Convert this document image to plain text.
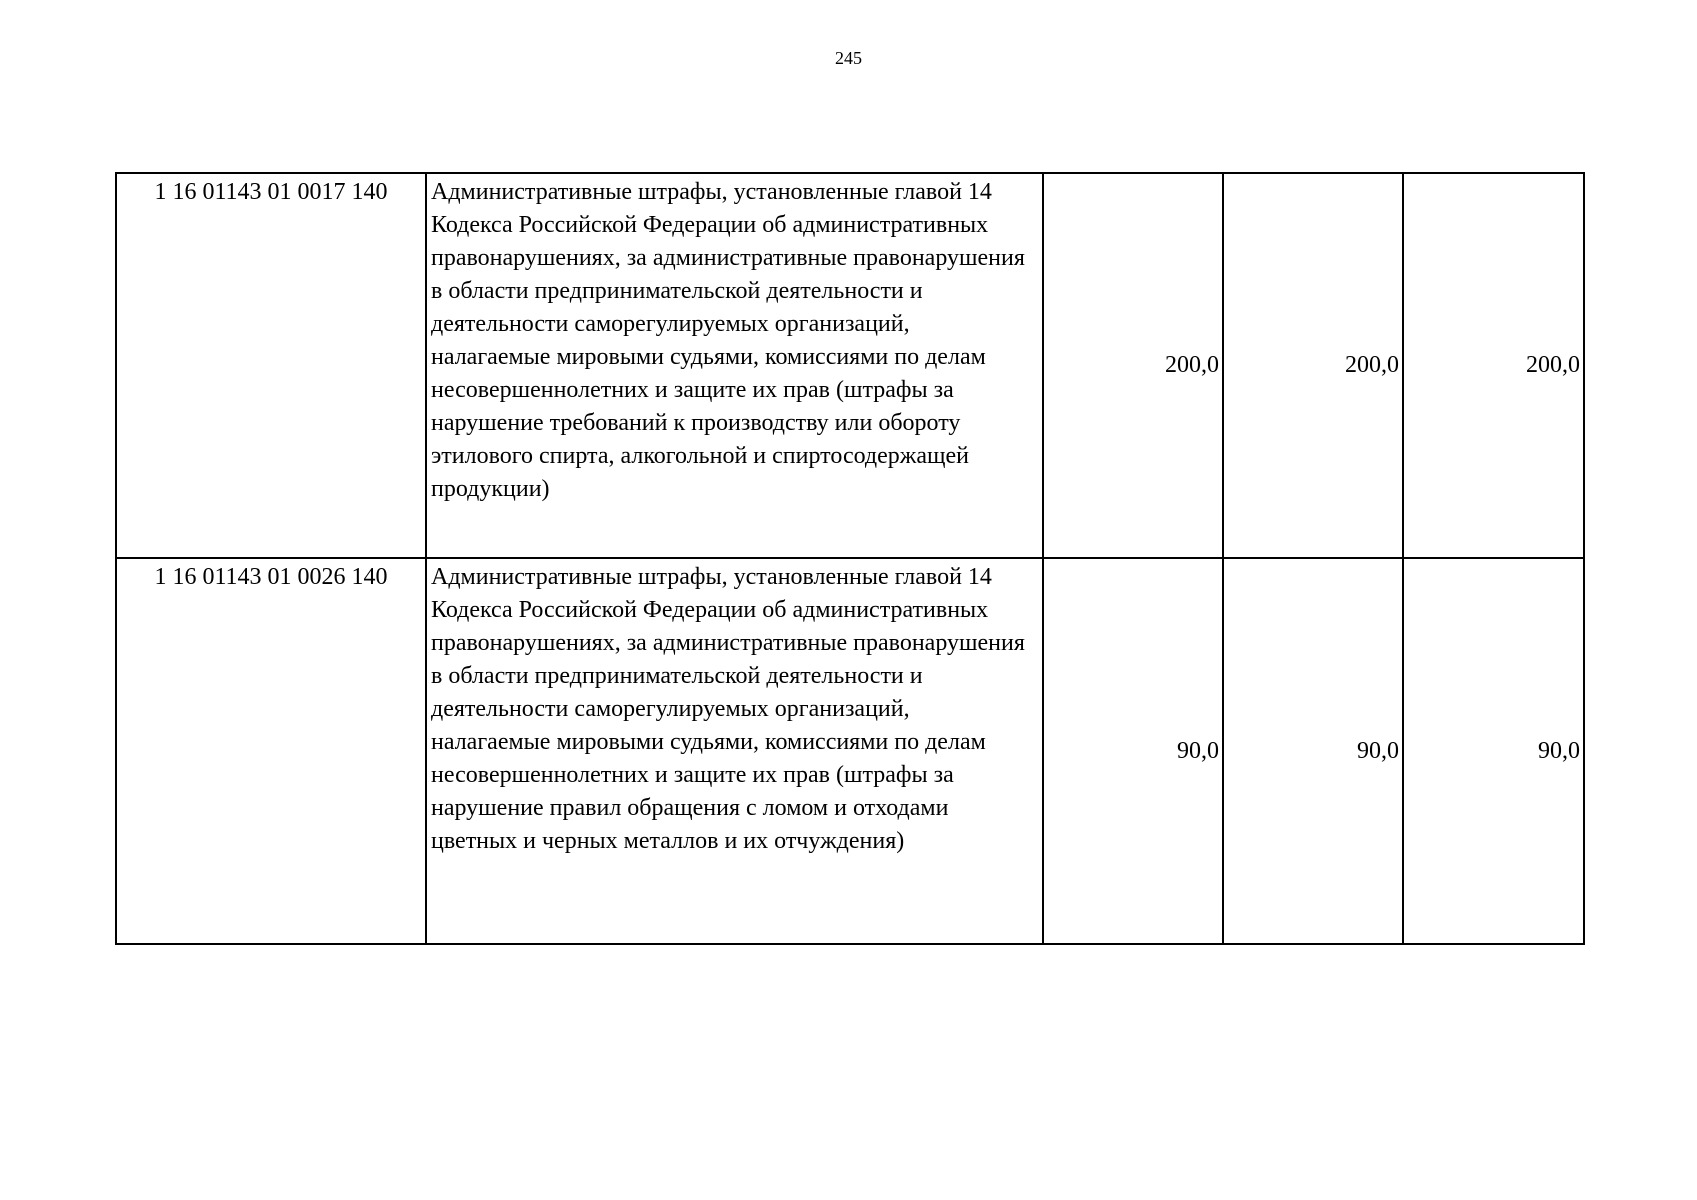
245
1 16 01143 01 0017 140	Административные штрафы, установленные главой 14 Кодекса Российской Федерации об административных правонарушениях, за административные правонарушения в области предпринимательской деятельности и деятельности саморегулируемых организаций, налагаемые мировыми судьями, комиссиями по делам несовершеннолетних и защите их прав (штрафы за нарушение требований к производству или обороту этилового спирта, алкогольной и спиртосодержащей продукции)	200,0	200,0	200,0
1 16 01143 01 0026 140	Административные штрафы, установленные главой 14 Кодекса Российской Федерации об административных правонарушениях, за административные правонарушения в области предпринимательской деятельности и деятельности саморегулируемых организаций, налагаемые мировыми судьями, комиссиями по делам несовершеннолетних и защите их прав (штрафы за нарушение правил обращения с ломом и отходами цветных и черных металлов и их отчуждения)	90,0	90,0	90,0
